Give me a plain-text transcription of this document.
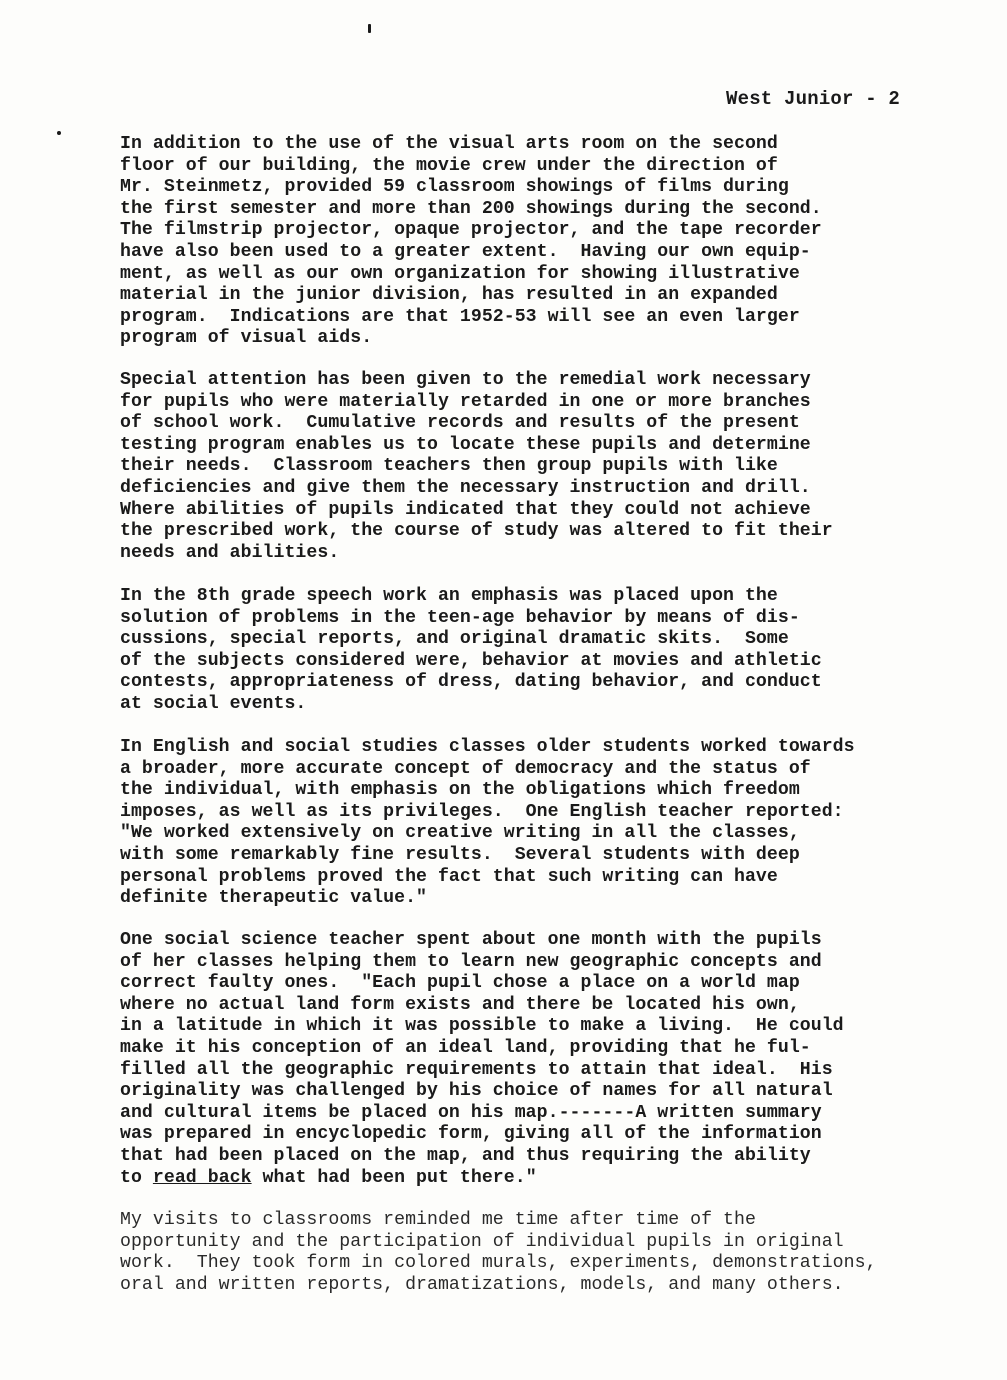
West Junior - 2
In addition to the use of the visual arts room on the second
floor of our building, the movie crew under the direction of
Mr. Steinmetz, provided 59 classroom showings of films during
the first semester and more than 200 showings during the second.
The filmstrip projector, opaque projector, and the tape recorder
have also been used to a greater extent.  Having our own equip-
ment, as well as our own organization for showing illustrative
material in the junior division, has resulted in an expanded
program.  Indications are that 1952-53 will see an even larger
program of visual aids.
Special attention has been given to the remedial work necessary
for pupils who were materially retarded in one or more branches
of school work.  Cumulative records and results of the present
testing program enables us to locate these pupils and determine
their needs.  Classroom teachers then group pupils with like
deficiencies and give them the necessary instruction and drill.
Where abilities of pupils indicated that they could not achieve
the prescribed work, the course of study was altered to fit their
needs and abilities.
In the 8th grade speech work an emphasis was placed upon the
solution of problems in the teen-age behavior by means of dis-
cussions, special reports, and original dramatic skits.  Some
of the subjects considered were, behavior at movies and athletic
contests, appropriateness of dress, dating behavior, and conduct
at social events.
In English and social studies classes older students worked towards
a broader, more accurate concept of democracy and the status of
the individual, with emphasis on the obligations which freedom
imposes, as well as its privileges.  One English teacher reported:
"We worked extensively on creative writing in all the classes,
with some remarkably fine results.  Several students with deep
personal problems proved the fact that such writing can have
definite therapeutic value."
One social science teacher spent about one month with the pupils
of her classes helping them to learn new geographic concepts and
correct faulty ones.  "Each pupil chose a place on a world map
where no actual land form exists and there be located his own,
in a latitude in which it was possible to make a living.  He could
make it his conception of an ideal land, providing that he ful-
filled all the geographic requirements to attain that ideal.  His
originality was challenged by his choice of names for all natural
and cultural items be placed on his map.-------A written summary
was prepared in encyclopedic form, giving all of the information
that had been placed on the map, and thus requiring the ability
to read back what had been put there."
My visits to classrooms reminded me time after time of the
opportunity and the participation of individual pupils in original
work.  They took form in colored murals, experiments, demonstrations,
oral and written reports, dramatizations, models, and many others.
